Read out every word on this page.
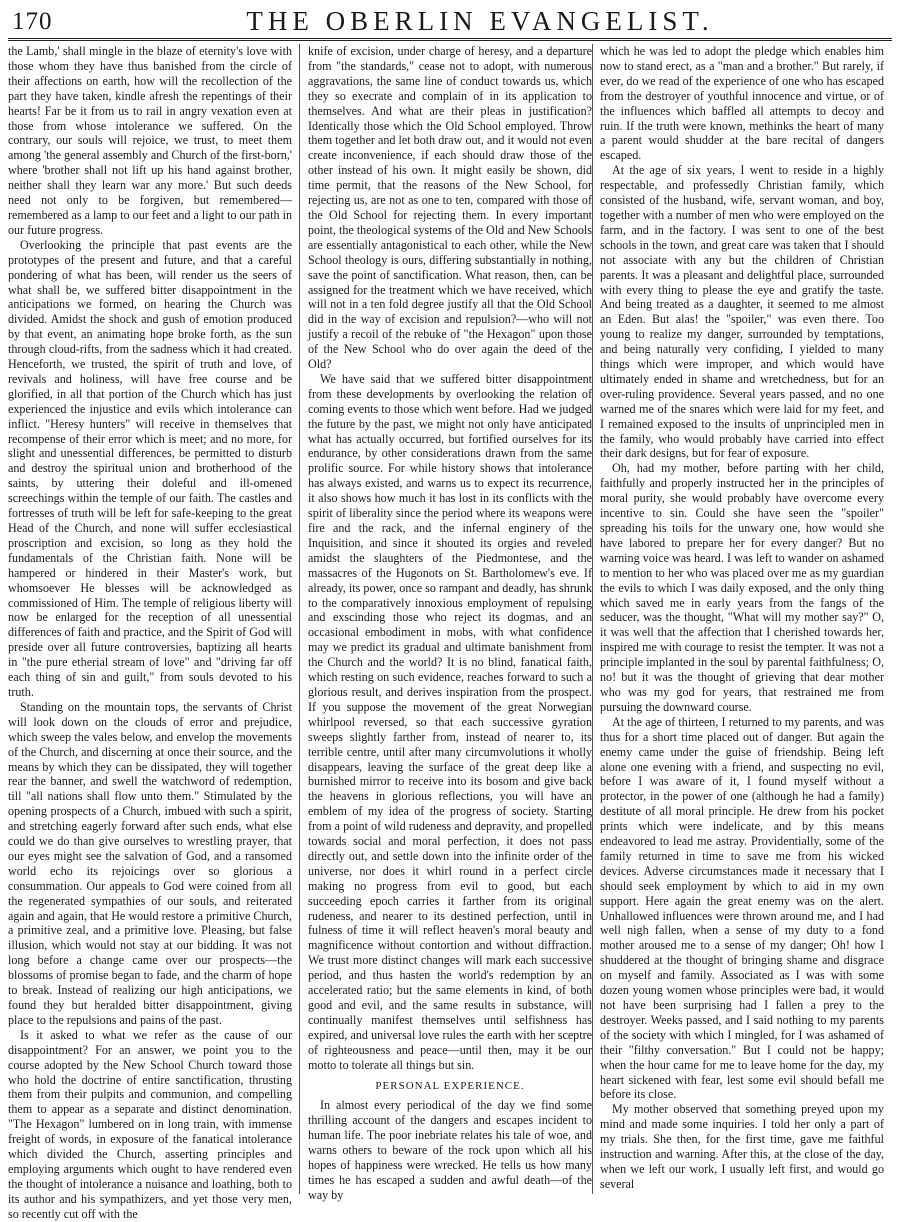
170	THE OBERLIN EVANGELIST.

the Lamb,' shall mingle in the blaze of eternity's love with those whom they have thus banished from the circle of their affections on earth, how will the recollection of the part they have taken, kindle afresh the repentings of their hearts! Far be it from us to rail in angry vexation even at those from whose intolerance we suffered. On the contrary, our souls will rejoice, we trust, to meet them among 'the general assembly and Church of the first-born,' where 'brother shall not lift up his hand against brother, neither shall they learn war any more.' But such deeds need not only to be forgiven, but remembered—remembered as a lamp to our feet and a light to our path in our future progress.

Overlooking the principle that past events are the prototypes of the present and future, and that a careful pondering of what has been, will render us the seers of what shall be, we suffered bitter disappointment in the anticipations we formed, on hearing the Church was divided. Amidst the shock and gush of emotion produced by that event, an animating hope broke forth, as the sun through cloud-rifts, from the sadness which it had created. Henceforth, we trusted, the spirit of truth and love, of revivals and holiness, will have free course and be glorified, in all that portion of the Church which has just experienced the injustice and evils which intolerance can inflict. "Heresy hunters" will receive in themselves that recompense of their error which is meet; and no more, for slight and unessential differences, be permitted to disturb and destroy the spiritual union and brotherhood of the saints, by uttering their doleful and ill-omened screechings within the temple of our faith. The castles and fortresses of truth will be left for safe-keeping to the great Head of the Church, and none will suffer ecclesiastical proscription and excision, so long as they hold the fundamentals of the Christian faith. None will be hampered or hindered in their Master's work, but whomsoever He blesses will be acknowledged as commissioned of Him. The temple of religious liberty will now be enlarged for the reception of all unessential differences of faith and practice, and the Spirit of God will preside over all future controversies, baptizing all hearts in "the pure etherial stream of love" and "driving far off each thing of sin and guilt," from souls devoted to his truth.

Standing on the mountain tops, the servants of Christ will look down on the clouds of error and prejudice, which sweep the vales below, and envelop the movements of the Church, and discerning at once their source, and the means by which they can be dissipated, they will together rear the banner, and swell the watchword of redemption, till "all nations shall flow unto them." Stimulated by the opening prospects of a Church, imbued with such a spirit, and stretching eagerly forward after such ends, what else could we do than give ourselves to wrestling prayer, that our eyes might see the salvation of God, and a ransomed world echo its rejoicings over so glorious a consummation. Our appeals to God were coined from all the regenerated sympathies of our souls, and reiterated again and again, that He would restore a primitive Church, a primitive zeal, and a primitive love. Pleasing, but false illusion, which would not stay at our bidding. It was not long before a change came over our prospects—the blossoms of promise began to fade, and the charm of hope to break. Instead of realizing our high anticipations, we found they but heralded bitter disappointment, giving place to the repulsions and pains of the past.

Is it asked to what we refer as the cause of our disappointment? For an answer, we point you to the course adopted by the New School Church toward those who hold the doctrine of entire sanctification, thrusting them from their pulpits and communion, and compelling them to appear as a separate and distinct denomination. "The Hexagon" lumbered on in long train, with immense freight of words, in exposure of the fanatical intolerance which divided the Church, asserting principles and employing arguments which ought to have rendered even the thought of intolerance a nuisance and loathing, both to its author and his sympathizers, and yet those very men, so recently cut off with the

knife of excision, under charge of heresy, and a departure from "the standards," cease not to adopt, with numerous aggravations, the same line of conduct towards us, which they so execrate and complain of in its application to themselves. And what are their pleas in justification? Identically those which the Old School employed. Throw them together and let both draw out, and it would not even create inconvenience, if each should draw those of the other instead of his own. It might easily be shown, did time permit, that the reasons of the New School, for rejecting us, are not as one to ten, compared with those of the Old School for rejecting them. In every important point, the theological systems of the Old and New Schools are essentially antagonistical to each other, while the New School theology is ours, differing substantially in nothing, save the point of sanctification. What reason, then, can be assigned for the treatment which we have received, which will not in a ten fold degree justify all that the Old School did in the way of excision and repulsion?—who will not justify a recoil of the rebuke of "the Hexagon" upon those of the New School who do over again the deed of the Old?

We have said that we suffered bitter disappointment from these developments by overlooking the relation of coming events to those which went before. Had we judged the future by the past, we might not only have anticipated what has actually occurred, but fortified ourselves for its endurance, by other considerations drawn from the same prolific source. For while history shows that intolerance has always existed, and warns us to expect its recurrence, it also shows how much it has lost in its conflicts with the spirit of liberality since the period where its weapons were fire and the rack, and the infernal enginery of the Inquisition, and since it shouted its orgies and reveled amidst the slaughters of the Piedmontese, and the massacres of the Hugonots on St. Bartholomew's eve. If already, its power, once so rampant and deadly, has shrunk to the comparatively innoxious employment of repulsing and exscinding those who reject its dogmas, and an occasional embodiment in mobs, with what confidence may we predict its gradual and ultimate banishment from the Church and the world? It is no blind, fanatical faith, which resting on such evidence, reaches forward to such a glorious result, and derives inspiration from the prospect. If you suppose the movement of the great Norwegian whirlpool reversed, so that each successive gyration sweeps slightly farther from, instead of nearer to, its terrible centre, until after many circumvolutions it wholly disappears, leaving the surface of the great deep like a burnished mirror to receive into its bosom and give back the heavens in glorious reflections, you will have an emblem of my idea of the progress of society. Starting from a point of wild rudeness and depravity, and propelled towards social and moral perfection, it does not pass directly out, and settle down into the infinite order of the universe, nor does it whirl round in a perfect circle making no progress from evil to good, but each succeeding epoch carries it farther from its original rudeness, and nearer to its destined perfection, until in fulness of time it will reflect heaven's moral beauty and magnificence without contortion and without diffraction. We trust more distinct changes will mark each successive period, and thus hasten the world's redemption by an accelerated ratio; but the same elements in kind, of both good and evil, and the same results in substance, will continually manifest themselves until selfishness has expired, and universal love rules the earth with her sceptre of righteousness and peace—until then, may it be our motto to tolerate all things but sin.

PERSONAL EXPERIENCE.

In almost every periodical of the day we find some thrilling account of the dangers and escapes incident to human life. The poor inebriate relates his tale of woe, and warns others to beware of the rock upon which all his hopes of happiness were wrecked. He tells us how many times he has escaped a sudden and awful death—of the way by

which he was led to adopt the pledge which enables him now to stand erect, as a "man and a brother." But rarely, if ever, do we read of the experience of one who has escaped from the destroyer of youthful innocence and virtue, or of the influences which baffled all attempts to decoy and ruin. If the truth were known, methinks the heart of many a parent would shudder at the bare recital of dangers escaped.

At the age of six years, I went to reside in a highly respectable, and professedly Christian family, which consisted of the husband, wife, servant woman, and boy, together with a number of men who were employed on the farm, and in the factory. I was sent to one of the best schools in the town, and great care was taken that I should not associate with any but the children of Christian parents. It was a pleasant and delightful place, surrounded with every thing to please the eye and gratify the taste. And being treated as a daughter, it seemed to me almost an Eden. But alas! the "spoiler," was even there. Too young to realize my danger, surrounded by temptations, and being naturally very confiding, I yielded to many things which were improper, and which would have ultimately ended in shame and wretchedness, but for an over-ruling providence. Several years passed, and no one warned me of the snares which were laid for my feet, and I remained exposed to the insults of unprincipled men in the family, who would probably have carried into effect their dark designs, but for fear of exposure.

Oh, had my mother, before parting with her child, faithfully and properly instructed her in the principles of moral purity, she would probably have overcome every incentive to sin. Could she have seen the "spoiler" spreading his toils for the unwary one, how would she have labored to prepare her for every danger? But no warning voice was heard. I was left to wander on ashamed to mention to her who was placed over me as my guardian the evils to which I was daily exposed, and the only thing which saved me in early years from the fangs of the seducer, was the thought, "What will my mother say?" O, it was well that the affection that I cherished towards her, inspired me with courage to resist the tempter. It was not a principle implanted in the soul by parental faithfulness; O, no! but it was the thought of grieving that dear mother who was my god for years, that restrained me from pursuing the downward course.

At the age of thirteen, I returned to my parents, and was thus for a short time placed out of danger. But again the enemy came under the guise of friendship. Being left alone one evening with a friend, and suspecting no evil, before I was aware of it, I found myself without a protector, in the power of one (although he had a family) destitute of all moral principle. He drew from his pocket prints which were indelicate, and by this means endeavored to lead me astray. Providentially, some of the family returned in time to save me from his wicked devices. Adverse circumstances made it necessary that I should seek employment by which to aid in my own support. Here again the great enemy was on the alert. Unhallowed influences were thrown around me, and I had well nigh fallen, when a sense of my duty to a fond mother aroused me to a sense of my danger; Oh! how I shuddered at the thought of bringing shame and disgrace on myself and family. Associated as I was with some dozen young women whose principles were bad, it would not have been surprising had I fallen a prey to the destroyer. Weeks passed, and I said nothing to my parents of the society with which I mingled, for I was ashamed of their "filthy conversation." But I could not be happy; when the hour came for me to leave home for the day, my heart sickened with fear, lest some evil should befall me before its close.

My mother observed that something preyed upon my mind and made some inquiries. I told her only a part of my trials. She then, for the first time, gave me faithful instruction and warning. After this, at the close of the day, when we left our work, I usually left first, and would go several
